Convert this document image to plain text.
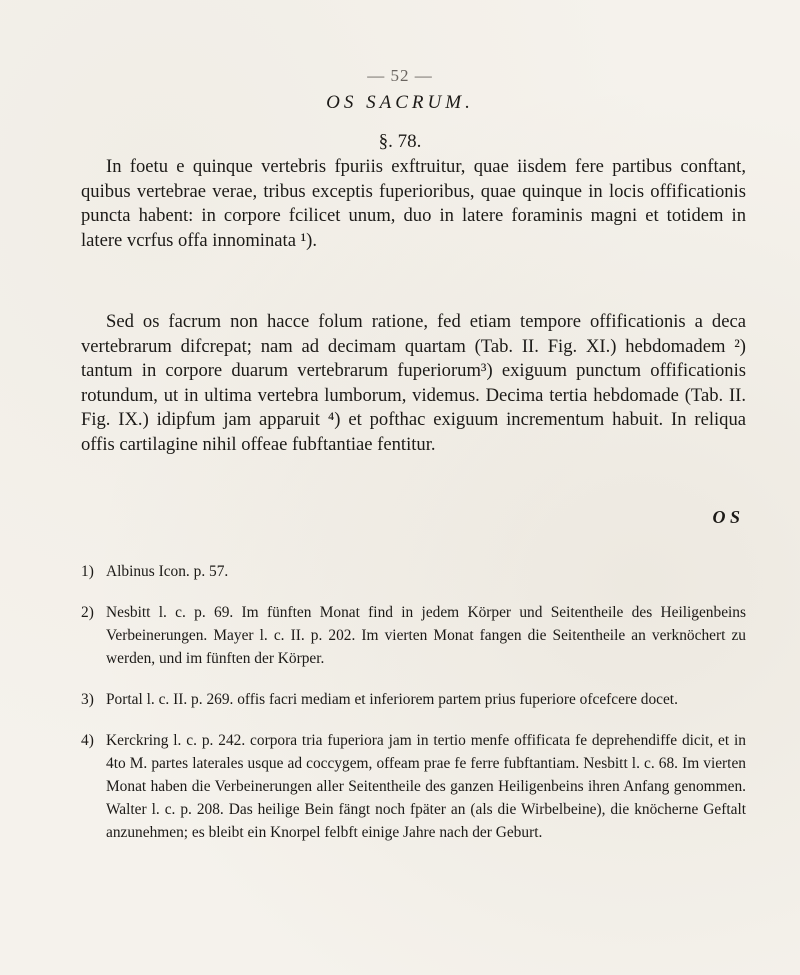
— 52 —
OS SACRUM.
§. 78.

In foetu e quinque vertebris fpuriis exftruitur, quae iisdem fere partibus conftant, quibus vertebrae verae, tribus exceptis fuperioribus, quae quinque in locis offificationis puncta habent: in corpore fcilicet unum, duo in latere foraminis magni et totidem in latere vcrfus offa innominata ¹).

Sed os facrum non hacce folum ratione, fed etiam tempore offificationis a deca vertebrarum difcrepat; nam ad decimam quartam (Tab. II. Fig. XI.) hebdomadem ²) tantum in corpore duarum vertebrarum fuperiorum³) exiguum punctum offificationis rotundum, ut in ultima vertebra lumborum, videmus. Decima tertia hebdomade (Tab. II. Fig. IX.) idipfum jam apparuit ⁴) et pofthac exiguum incrementum habuit. In reliqua offis cartilagine nihil offeae fubftantiae fentitur.

O S

1) Albinus Icon. p. 57.

2) Nesbitt l. c. p. 69. Im fünften Monat find in jedem Körper und Seitentheile des Heiligenbeins Verbeinerungen. Mayer l. c. II. p. 202. Im vierten Monat fangen die Seitentheile an verknöchert zu werden, und im fünften der Körper.

3) Portal l. c. II. p. 269. offis facri mediam et inferiorem partem prius fuperiore ofcefcere docet.

4) Kerckring l. c. p. 242. corpora tria fuperiora jam in tertio menfe offificata fe deprehendiffe dicit, et in 4to M. partes laterales usque ad coccygem, offeam prae fe ferre fubftantiam. Nesbitt l. c. 68. Im vierten Monat haben die Verbeinerungen aller Seitentheile des ganzen Heiligenbeins ihren Anfang genommen. Walter l. c. p. 208. Das heilige Bein fängt noch fpäter an (als die Wirbelbeine), die knöcherne Geftalt anzunehmen; es bleibt ein Knorpel felbft einige Jahre nach der Geburt.
